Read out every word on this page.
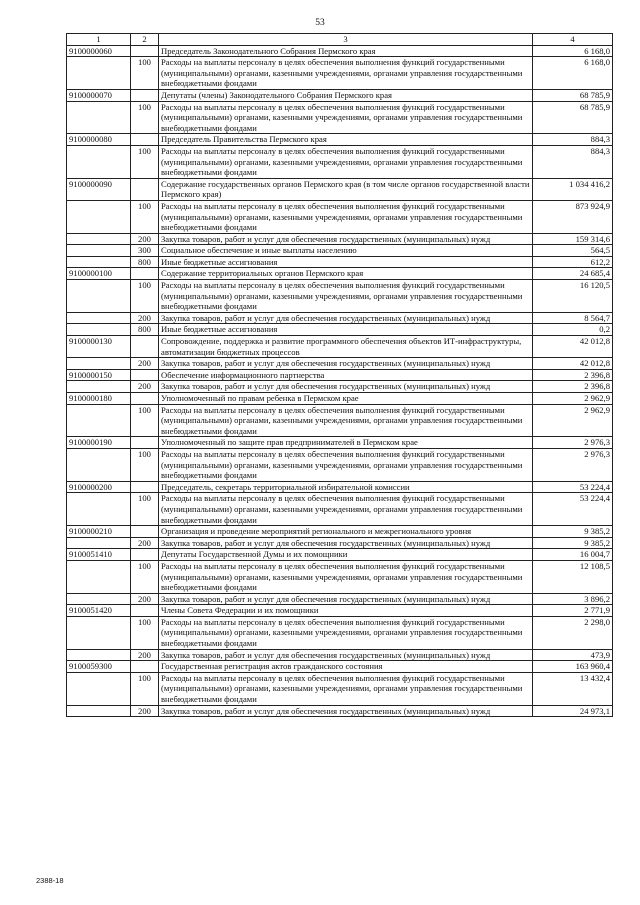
53
1	2	3	4
9100000060		Председатель Законодательного Собрания Пермского края	6 168,0
	100	Расходы на выплаты персоналу в целях обеспечения выполнения функций государственными (муниципальными) органами, казенными учреждениями, органами управления государственными внебюджетными фондами	6 168,0
9100000070		Депутаты (члены) Законодательного Собрания Пермского края	68 785,9
	100	Расходы на выплаты персоналу в целях обеспечения выполнения функций государственными (муниципальными) органами, казенными учреждениями, органами управления государственными внебюджетными фондами	68 785,9
9100000080		Председатель Правительства Пермского края	884,3
	100	Расходы на выплаты персоналу в целях обеспечения выполнения функций государственными (муниципальными) органами, казенными учреждениями, органами управления государственными внебюджетными фондами	884,3
9100000090		Содержание государственных органов Пермского края (в том числе органов государственной власти Пермского края)	1 034 416,2
	100	Расходы на выплаты персоналу в целях обеспечения выполнения функций государственными (муниципальными) органами, казенными учреждениями, органами управления государственными внебюджетными фондами	873 924,9
	200	Закупка товаров, работ и услуг для обеспечения государственных (муниципальных) нужд	159 314,6
	300	Социальное обеспечение и иные выплаты населению	564,5
	800	Иные бюджетные ассигнования	612,2
9100000100		Содержание территориальных органов Пермского края	24 685,4
	100	Расходы на выплаты персоналу в целях обеспечения выполнения функций государственными (муниципальными) органами, казенными учреждениями, органами управления государственными внебюджетными фондами	16 120,5
	200	Закупка товаров, работ и услуг для обеспечения государственных (муниципальных) нужд	8 564,7
	800	Иные бюджетные ассигнования	0,2
9100000130		Сопровождение, поддержка и развитие программного обеспечения объектов ИТ-инфраструктуры, автоматизации бюджетных процессов	42 012,8
	200	Закупка товаров, работ и услуг для обеспечения государственных (муниципальных) нужд	42 012,8
9100000150		Обеспечение информационного партнерства	2 396,8
	200	Закупка товаров, работ и услуг для обеспечения государственных (муниципальных) нужд	2 396,8
9100000180		Уполномоченный по правам ребенка в Пермском крае	2 962,9
	100	Расходы на выплаты персоналу в целях обеспечения выполнения функций государственными (муниципальными) органами, казенными учреждениями, органами управления государственными внебюджетными фондами	2 962,9
9100000190		Уполномоченный по защите прав предпринимателей в Пермском крае	2 976,3
	100	Расходы на выплаты персоналу в целях обеспечения выполнения функций государственными (муниципальными) органами, казенными учреждениями, органами управления государственными внебюджетными фондами	2 976,3
9100000200		Председатель, секретарь территориальной избирательной комиссии	53 224,4
	100	Расходы на выплаты персоналу в целях обеспечения выполнения функций государственными (муниципальными) органами, казенными учреждениями, органами управления государственными внебюджетными фондами	53 224,4
9100000210		Организация и проведение мероприятий регионального и межрегионального уровня	9 385,2
	200	Закупка товаров, работ и услуг для обеспечения государственных (муниципальных) нужд	9 385,2
9100051410		Депутаты Государственной Думы и их помощники	16 004,7
	100	Расходы на выплаты персоналу в целях обеспечения выполнения функций государственными (муниципальными) органами, казенными учреждениями, органами управления государственными внебюджетными фондами	12 108,5
	200	Закупка товаров, работ и услуг для обеспечения государственных (муниципальных) нужд	3 896,2
9100051420		Члены Совета Федерации и их помощники	2 771,9
	100	Расходы на выплаты персоналу в целях обеспечения выполнения функций государственными (муниципальными) органами, казенными учреждениями, органами управления государственными внебюджетными фондами	2 298,0
	200	Закупка товаров, работ и услуг для обеспечения государственных (муниципальных) нужд	473,9
9100059300		Государственная регистрация актов гражданского состояния	163 960,4
	100	Расходы на выплаты персоналу в целях обеспечения выполнения функций государственными (муниципальными) органами, казенными учреждениями, органами управления государственными внебюджетными фондами	13 432,4
	200	Закупка товаров, работ и услуг для обеспечения государственных (муниципальных) нужд	24 973,1
2388-18
